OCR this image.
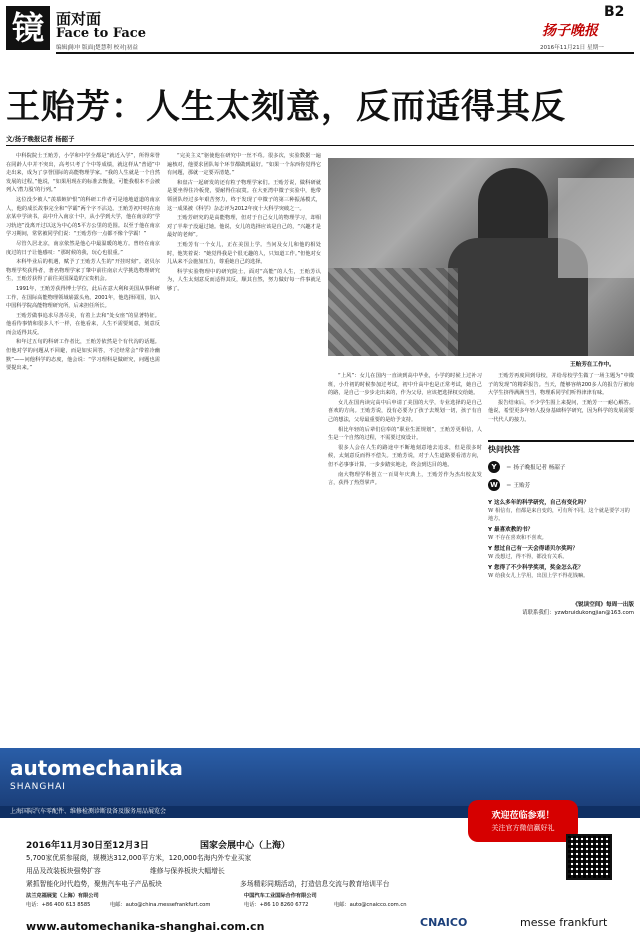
镜 面对面
Face to Face
编辑|陈申 版面|楚慧利 校对|初益
B2
扬子晚报
2016年11月21日 星期一
王贻芳：人生太刻意，反而适得其反
文/扬子晚报记者 杨韶子

中科院院士王贻芳，小学和中学全都是“就近入学”，所得荣誉在同龄人中并不突出，高考只考了个中等成绩，就这样从“普通”中走出来，成为了享誉国际的高能物理学家。“我的人生就是一个自然发展的过程，”他说，“如果用现在的标准去衡量，可能我根本不会被列入‘潜力股’的行列。”

这位没少被人“羡慕嫉妒恨”的科研工作者可是地地道道的南京人，他的成长故事完全和“学霸”两个字不沾边。王贻芳初中时在南京某中学读书，高中升入南京十中，从小学到大学，他在南京的“学习轨迹”没离开过以这为中心的5平方公里的范围。以至于他在南京学习期间，常常被同学们说：“王贻芳你一点都不像个学霸！”

尽管久居北京，南京依然是他心中最温暖的地方。曾经在南京度过的日子让他感叹：“那时候的我，玩心也很重。”

本科毕业后的机遇，赋予了王贻芳人生的“开挂时刻”。诺贝尔物理学奖获得者，著名物理学家丁肇中前往南京大学挑选物理研究生，王贻芳获得了前往美国深造的宝贵机会。

1991年，王贻芳获得博士学位，此后在意大利和美国从事科研工作，在国际高能物理领域崭露头角。2001年，他选择回国，加入中国科学院高能物理研究所，后来担任所长。

王贻芳做事追求尽善尽美，有着上去和“处女座”的显著特征。他看待事情和很多人不一样，在他看来，人生不需要刻意，刻意反而会适得其反。

和年过五旬的科研工作者比，王贻芳依然是个有代沟的话题。但他对学的问题从不回避，而是如实回答，不过经常会“带着冷幽默”——问他科学的态度，他会说：“学习理科是做研究，问题也需要提出来。”

“完美主义”驱使他在研究中一丝不苟。很多次，实验数据一遍遍核对，他要求团队每个环节都做到最好。“如果一个东西你觉得它有问题，那就一定要弄清楚。”

和盘古一起研发的还有粒子物理学家们。王贻芳说，做科研就是要坐得住冷板凳，要耐得住寂寞。在大亚湾中微子实验中，他带领团队经过多年艰苦努力，终于发现了中微子的第三种振荡模式，这一成果被《科学》杂志评为2012年度十大科学突破之一。

王贻芳研究的是高能物理，但对于自己女儿的物理学习，却相对了半辈子没逼过她。他说，女儿的选择应该是自己的，“兴趣才是最好的老师”。

王贻芳有一个女儿，正在美国上学。当问及女儿和他的相处时，他笑着说：“她觉得我是个很无趣的人，只知道工作。”但他对女儿从来不会施加压力，尊重她自己的选择。

科学实验物理中的研究院士，面对“高能”的人生，王贻芳认为，人生太刻意反而适得其反，顺其自然，努力做好每一件事就足够了。

王贻芳在工作中。

“上风”：女儿在国内一直读到高中毕业，小学的时候上过补习班，小升初的时候参加过考试，初中升高中也是正常考试，她自己的路，是自己一步步走出来的，作为父母，应该把选择权交给她。

女儿在国内读完高中后申请了美国的大学，专业选择的是自己喜欢的方向。王贻芳说，没有必要为了孩子去规划一切，孩子有自己的想法，父母最重要的是给予支持。

相比年轻的后辈们信奉的“职业生涯规划”，王贻芳更相信，人生是一个自然的过程，不需要过度设计。

很多人会在人生的路途中不断地刻意地去追求，但是很多时候，太刻意反而得不偿失。王贻芳说，对于人生道路要看清方向，但不必事事计算，一步步踏实地走，终会到达目的地。

南大物理学科创立一百周年庆典上，王贻芳作为杰出校友发言，获得了热烈掌声。

王贻芳再度回到母校，并给母校学生做了一场主题为“中微子的发现”的精彩报告。当天，能够容纳200多人的报告厅被南大学生挤得满满当当，物理系同学们听得津津有味。

报告结束后，不少学生围上来提问，王贻芳一一耐心解答。他说，希望更多年轻人投身基础科学研究，因为科学的发展需要一代代人的接力。

快问快答
Y	＝ 扬子晚报记者 杨韶子
W	＝ 王贻芳
Y 这么多年的科学研究，自己有变化吗？
W 相信有，但都是来自变的，可有所不同，这个就是要学习的地方。
Y 最喜欢教的书？
W 不存在喜欢和不喜欢。
Y 想过自己有一天会得诺贝尔奖吗？
W 没想过，得不得，都没有关系。
Y 您得了不少科学奖项，奖金怎么花？
W 给我女儿上学用，出国上学不得花钱嘛。
《锐读空间》每周一出版
请联系我们：yzwbruidukongjian@163.com
automechanika
SHANGHAI
上海国际汽车零配件、维修检测诊断设备及服务用品展览会	欢迎莅临参观！
关注官方微信赢好礼
2016年11月30日至12月3日	国家会展中心（上海）
5,700家优质参展商，规模达312,000平方米，120,000名海内外专业买家
用品及改装板块强势扩容	维修与保养板块大幅增长
紧抓智能化时代趋势，聚焦汽车电子产品板块	多场精彩同期活动，打造信息交流与教育培训平台
法兰克福展览（上海）有限公司
电话：+86 400 613 8585	电邮：auto@china.messefrankfurt.com
中国汽车工业国际合作有限公司
电话：+86 10 8260 6772	电邮：auto@cnaicco.com.cn
www.automechanika-shanghai.com.cn	CNAICO	messe frankfurt
